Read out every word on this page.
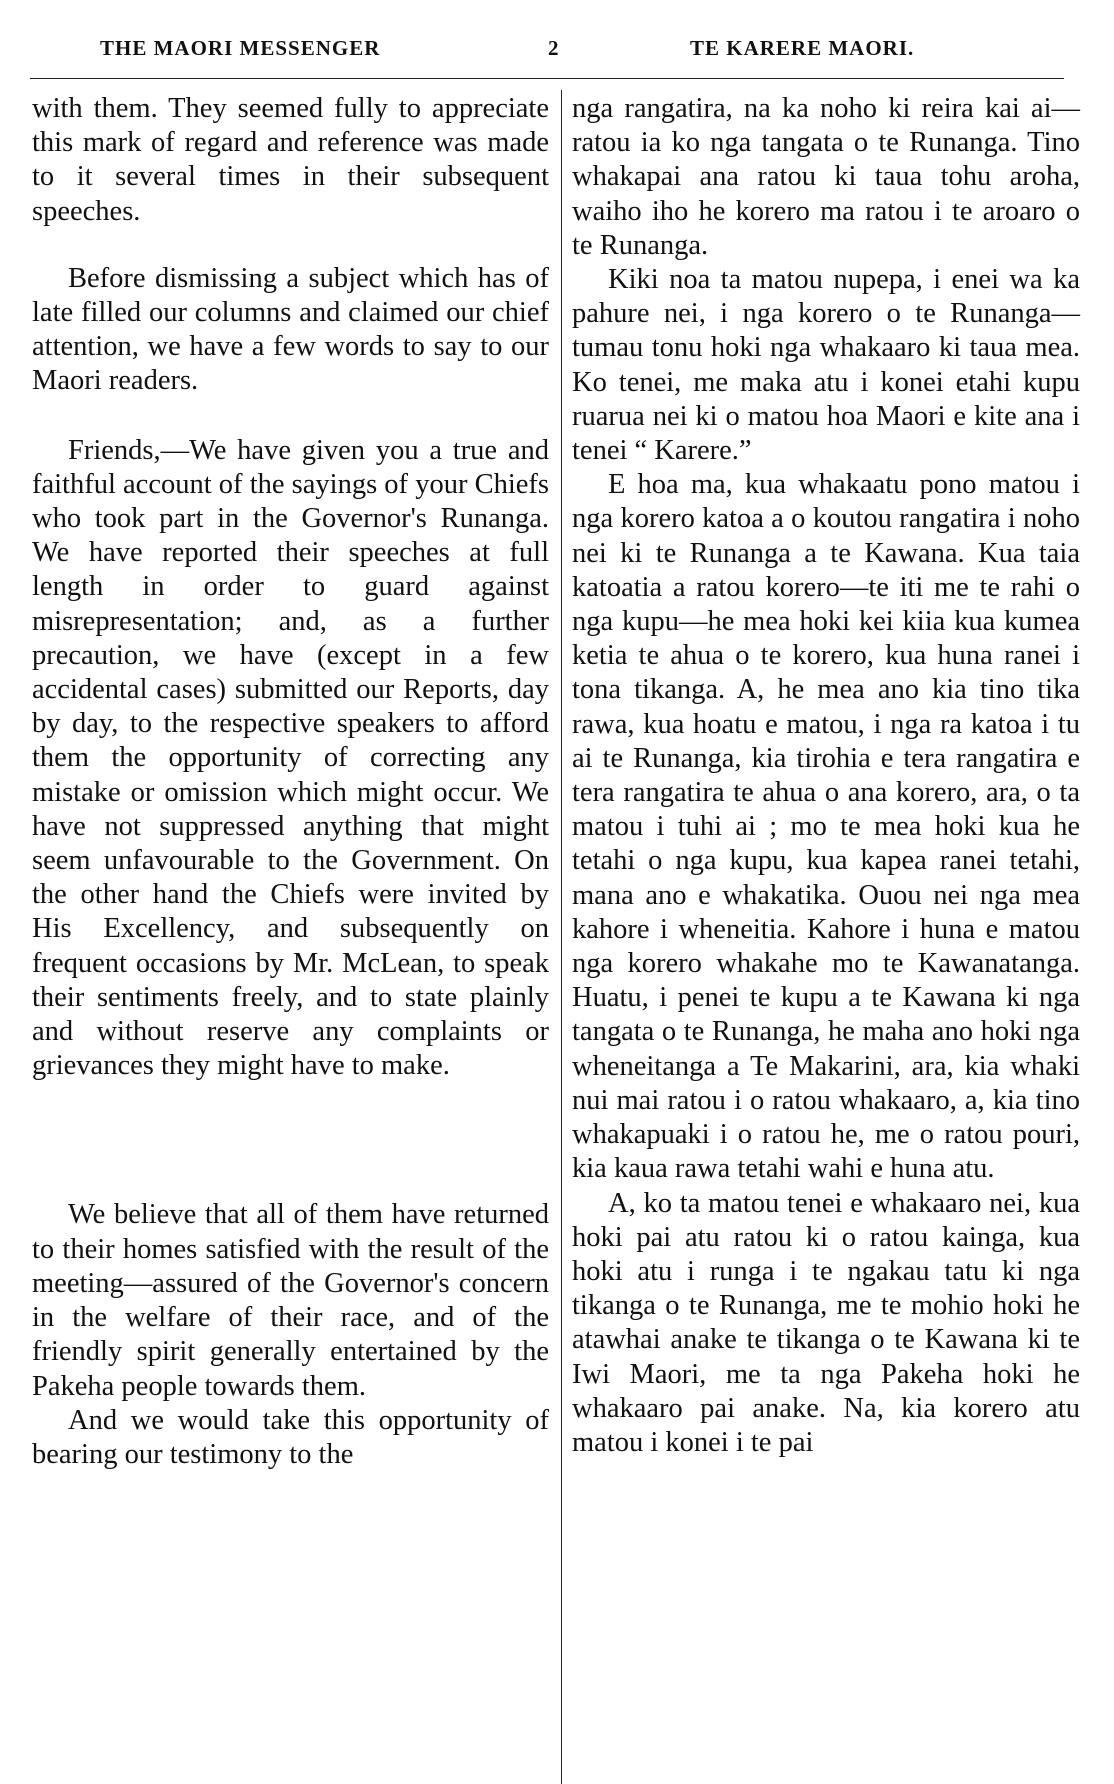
THE MAORI MESSENGER	2	TE KARERE MAORI.

with them. They seemed fully to appreciate this mark of regard and reference was made to it several times in their subsequent speeches.

Before dismissing a subject which has of late filled our columns and claimed our chief attention, we have a few words to say to our Maori readers.

Friends,—We have given you a true and faithful account of the sayings of your Chiefs who took part in the Governor's Runanga. We have reported their speeches at full length in order to guard against misrepresentation; and, as a further precaution, we have (except in a few accidental cases) submitted our Reports, day by day, to the respective speakers to afford them the opportunity of correcting any mistake or omission which might occur. We have not suppressed anything that might seem unfavourable to the Government. On the other hand the Chiefs were invited by His Excellency, and subsequently on frequent occasions by Mr. McLean, to speak their sentiments freely, and to state plainly and without reserve any complaints or grievances they might have to make.

We believe that all of them have returned to their homes satisfied with the result of the meeting—assured of the Governor's concern in the welfare of their race, and of the friendly spirit generally entertained by the Pakeha people towards them.

And we would take this opportunity of bearing our testimony to the

nga rangatira, na ka noho ki reira kai ai—ratou ia ko nga tangata o te Runanga. Tino whakapai ana ratou ki taua tohu aroha, waiho iho he korero ma ratou i te aroaro o te Runanga.

Kiki noa ta matou nupepa, i enei wa ka pahure nei, i nga korero o te Runanga—tumau tonu hoki nga whakaaro ki taua mea. Ko tenei, me maka atu i konei etahi kupu ruarua nei ki o matou hoa Maori e kite ana i tenei “ Karere.”

E hoa ma, kua whakaatu pono matou i nga korero katoa a o koutou rangatira i noho nei ki te Runanga a te Kawana. Kua taia katoatia a ratou korero—te iti me te rahi o nga kupu—he mea hoki kei kiia kua kumea ketia te ahua o te korero, kua huna ranei i tona tikanga. A, he mea ano kia tino tika rawa, kua hoatu e matou, i nga ra katoa i tu ai te Runanga, kia tirohia e tera rangatira e tera rangatira te ahua o ana korero, ara, o ta matou i tuhi ai ; mo te mea hoki kua he tetahi o nga kupu, kua kapea ranei tetahi, mana ano e whakatika. Ouou nei nga mea kahore i wheneitia. Kahore i huna e matou nga korero whakahe mo te Kawanatanga. Huatu, i penei te kupu a te Kawana ki nga tangata o te Runanga, he maha ano hoki nga wheneitanga a Te Makarini, ara, kia whaki nui mai ratou i o ratou whakaaro, a, kia tino whakapuaki i o ratou he, me o ratou pouri, kia kaua rawa tetahi wahi e huna atu.

A, ko ta matou tenei e whakaaro nei, kua hoki pai atu ratou ki o ratou kainga, kua hoki atu i runga i te ngakau tatu ki nga tikanga o te Runanga, me te mohio hoki he atawhai anake te tikanga o te Kawana ki te Iwi Maori, me ta nga Pakeha hoki he whakaaro pai anake. Na, kia korero atu matou i konei i te pai
